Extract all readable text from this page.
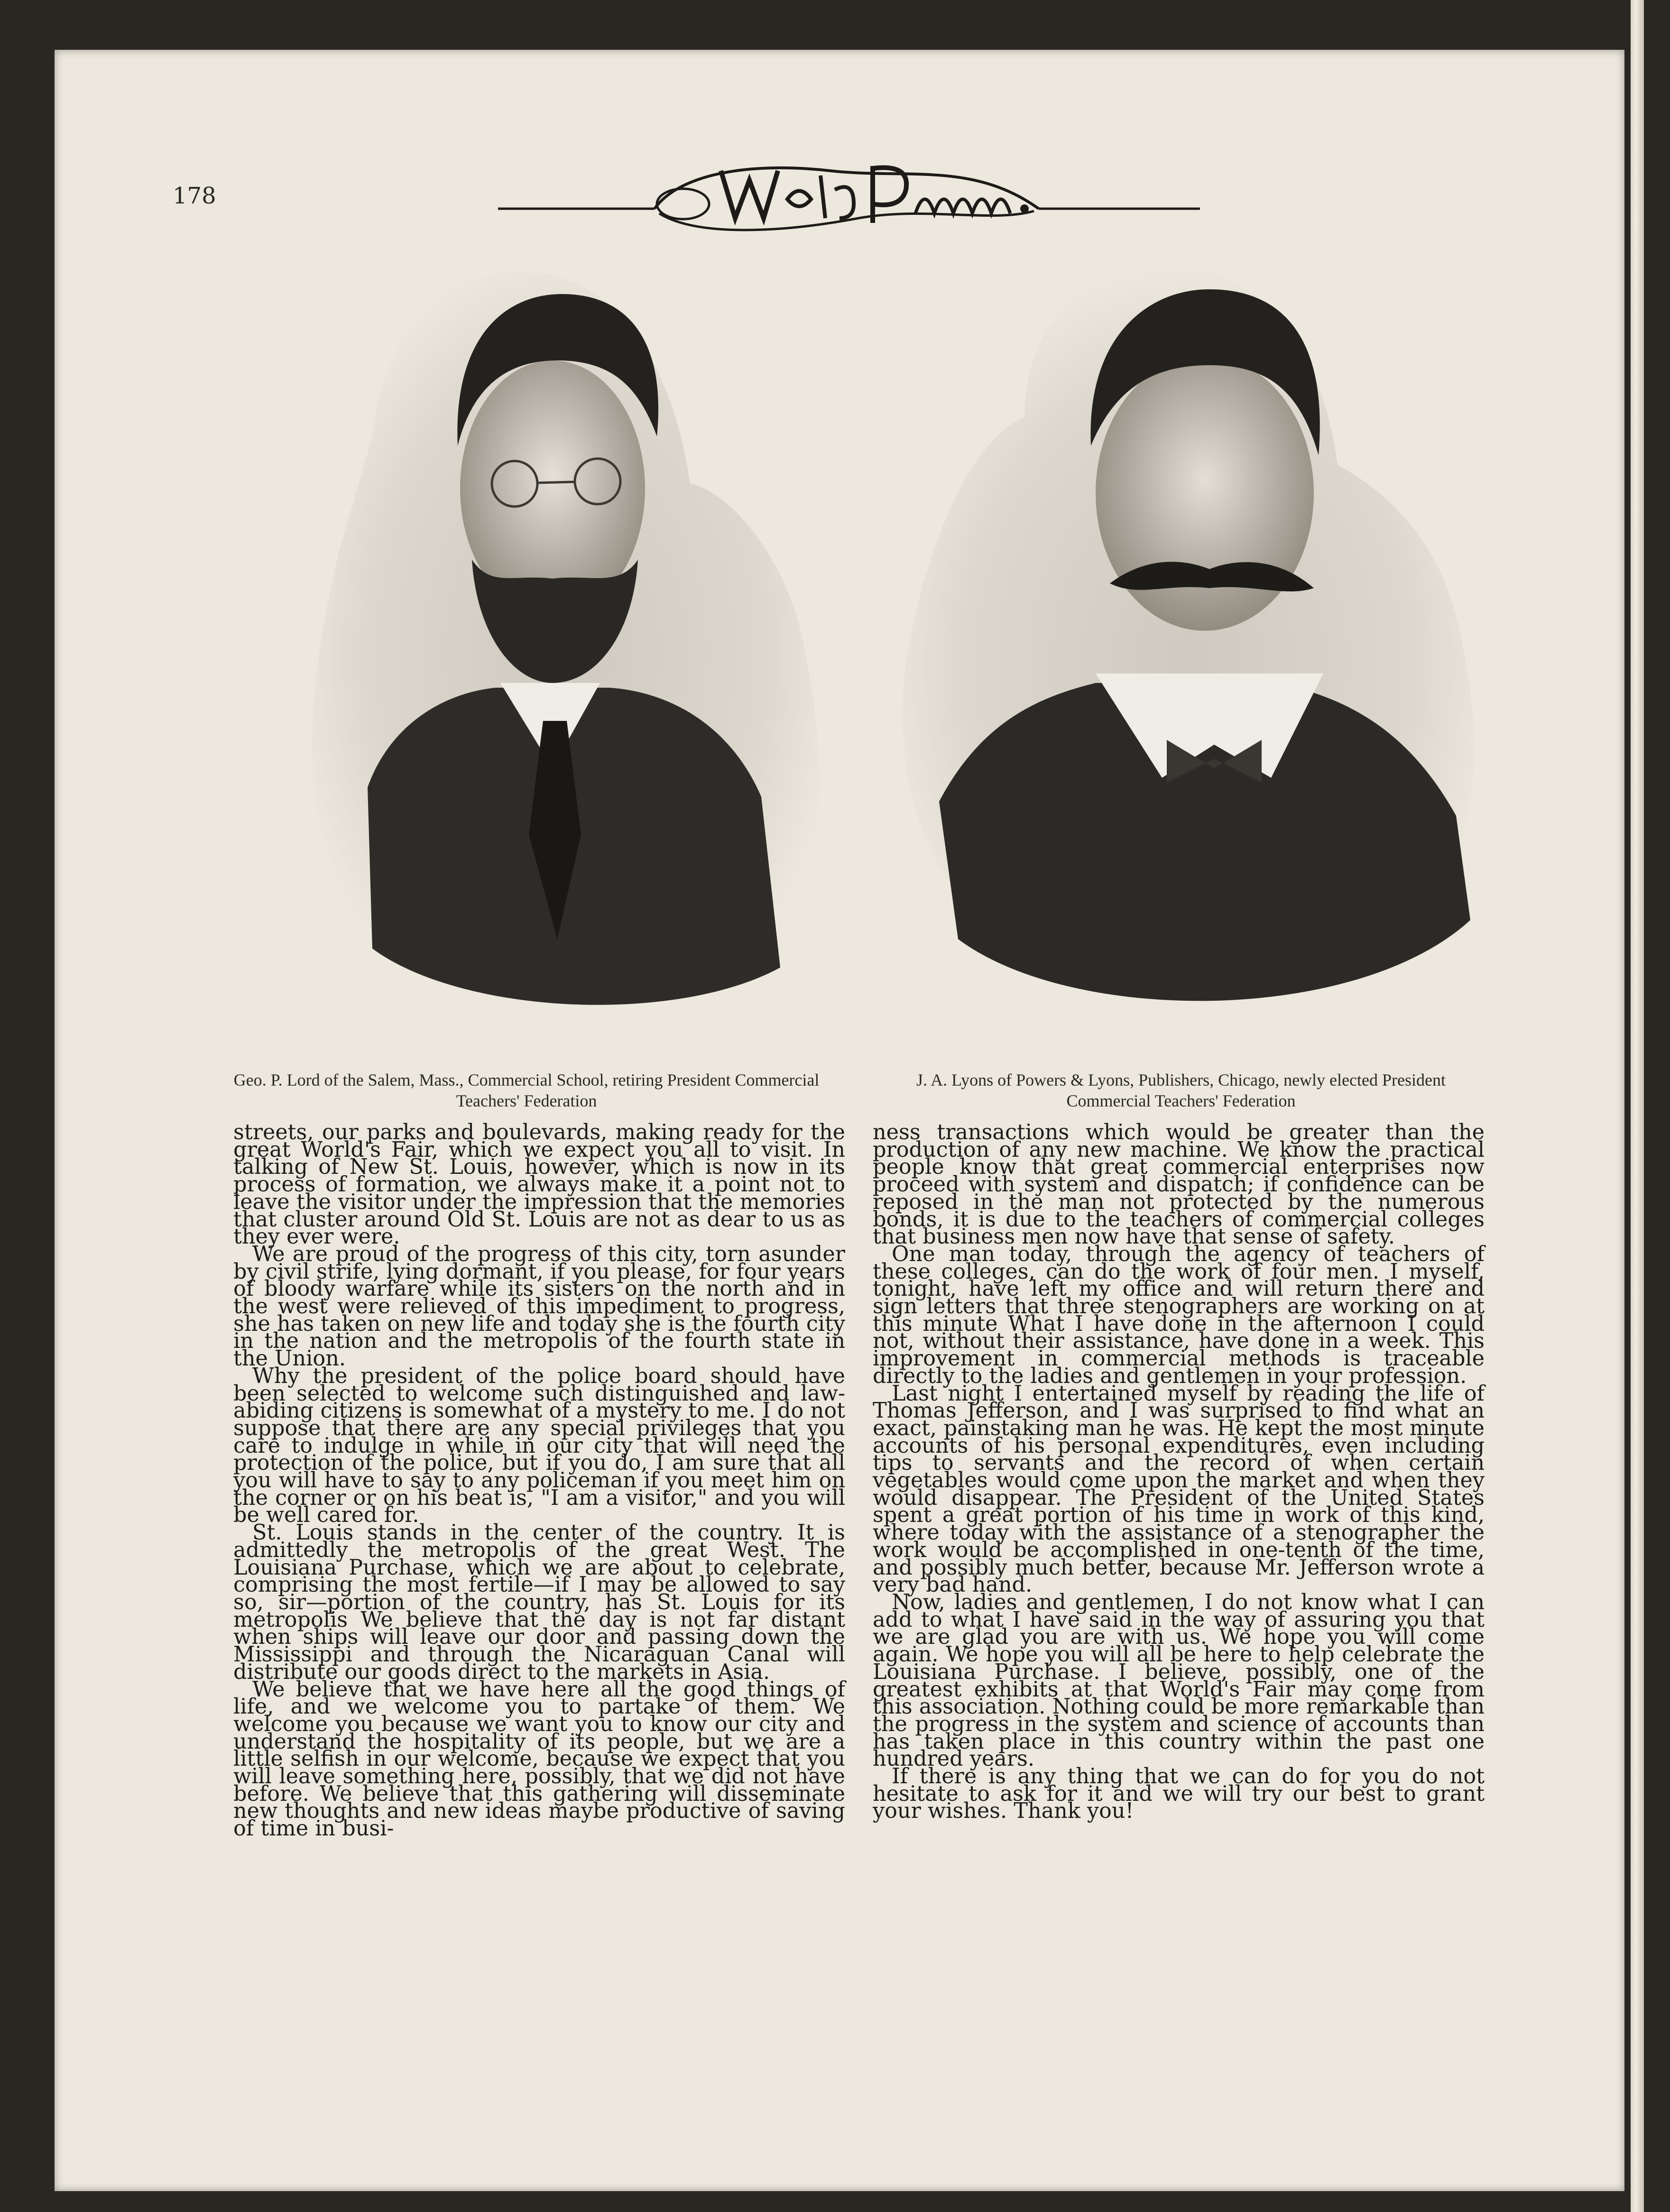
178
Geo. P. Lord of the Salem, Mass., Commercial School, retiring President Commercial Teachers' Federation
J. A. Lyons of Powers & Lyons, Publishers, Chicago, newly elected President Commercial Teachers' Federation

streets, our parks and boulevards, making ready for the great World's Fair, which we expect you all to visit. In talking of New St. Louis, however, which is now in its process of formation, we always make it a point not to leave the visitor under the impression that the memories that cluster around Old St. Louis are not as dear to us as they ever were.

We are proud of the progress of this city, torn asunder by civil strife, lying dormant, if you please, for four years of bloody warfare while its sisters on the north and in the west were relieved of this impediment to progress, she has taken on new life and today she is the fourth city in the nation and the metropolis of the fourth state in the Union.

Why the president of the police board should have been selected to welcome such distinguished and law-abiding citizens is somewhat of a mystery to me. I do not suppose that there are any special privileges that you care to indulge in while in our city that will need the protection of the police, but if you do, I am sure that all you will have to say to any policeman if you meet him on the corner or on his beat is, "I am a visitor," and you will be well cared for.

St. Louis stands in the center of the country. It is admittedly the metropolis of the great West. The Louisiana Purchase, which we are about to celebrate, comprising the most fertile—if I may be allowed to say so, sir—portion of the country, has St. Louis for its metropolis We believe that the day is not far distant when ships will leave our door and passing down the Mississippi and through the Nicaraguan Canal will distribute our goods direct to the markets in Asia.

We believe that we have here all the good things of life, and we welcome you to partake of them. We welcome you because we want you to know our city and understand the hospitality of its people, but we are a little selfish in our welcome, because we expect that you will leave something here, possibly, that we did not have before. We believe that this gathering will disseminate new thoughts and new ideas maybe productive of saving of time in busi-

ness transactions which would be greater than the production of any new machine. We know the practical people know that great commercial enterprises now proceed with system and dispatch; if confidence can be reposed in the man not protected by the numerous bonds, it is due to the teachers of commercial colleges that business men now have that sense of safety.

One man today, through the agency of teachers of these colleges, can do the work of four men. I myself, tonight, have left my office and will return there and sign letters that three stenographers are working on at this minute What I have done in the afternoon I could not, without their assistance, have done in a week. This improvement in commercial methods is traceable directly to the ladies and gentlemen in your profession.

Last night I entertained myself by reading the life of Thomas Jefferson, and I was surprised to find what an exact, painstaking man he was. He kept the most minute accounts of his personal expenditures, even including tips to servants and the record of when certain vegetables would come upon the market and when they would disappear. The President of the United States spent a great portion of his time in work of this kind, where today with the assistance of a stenographer the work would be accomplished in one-tenth of the time, and possibly much better, because Mr. Jefferson wrote a very bad hand.

Now, ladies and gentlemen, I do not know what I can add to what I have said in the way of assuring you that we are glad you are with us. We hope you will come again. We hope you will all be here to help celebrate the Louisiana Purchase. I believe, possibly, one of the greatest exhibits at that World's Fair may come from this association. Nothing could be more remarkable than the progress in the system and science of accounts than has taken place in this country within the past one hundred years.

If there is any thing that we can do for you do not hesitate to ask for it and we will try our best to grant your wishes. Thank you!
